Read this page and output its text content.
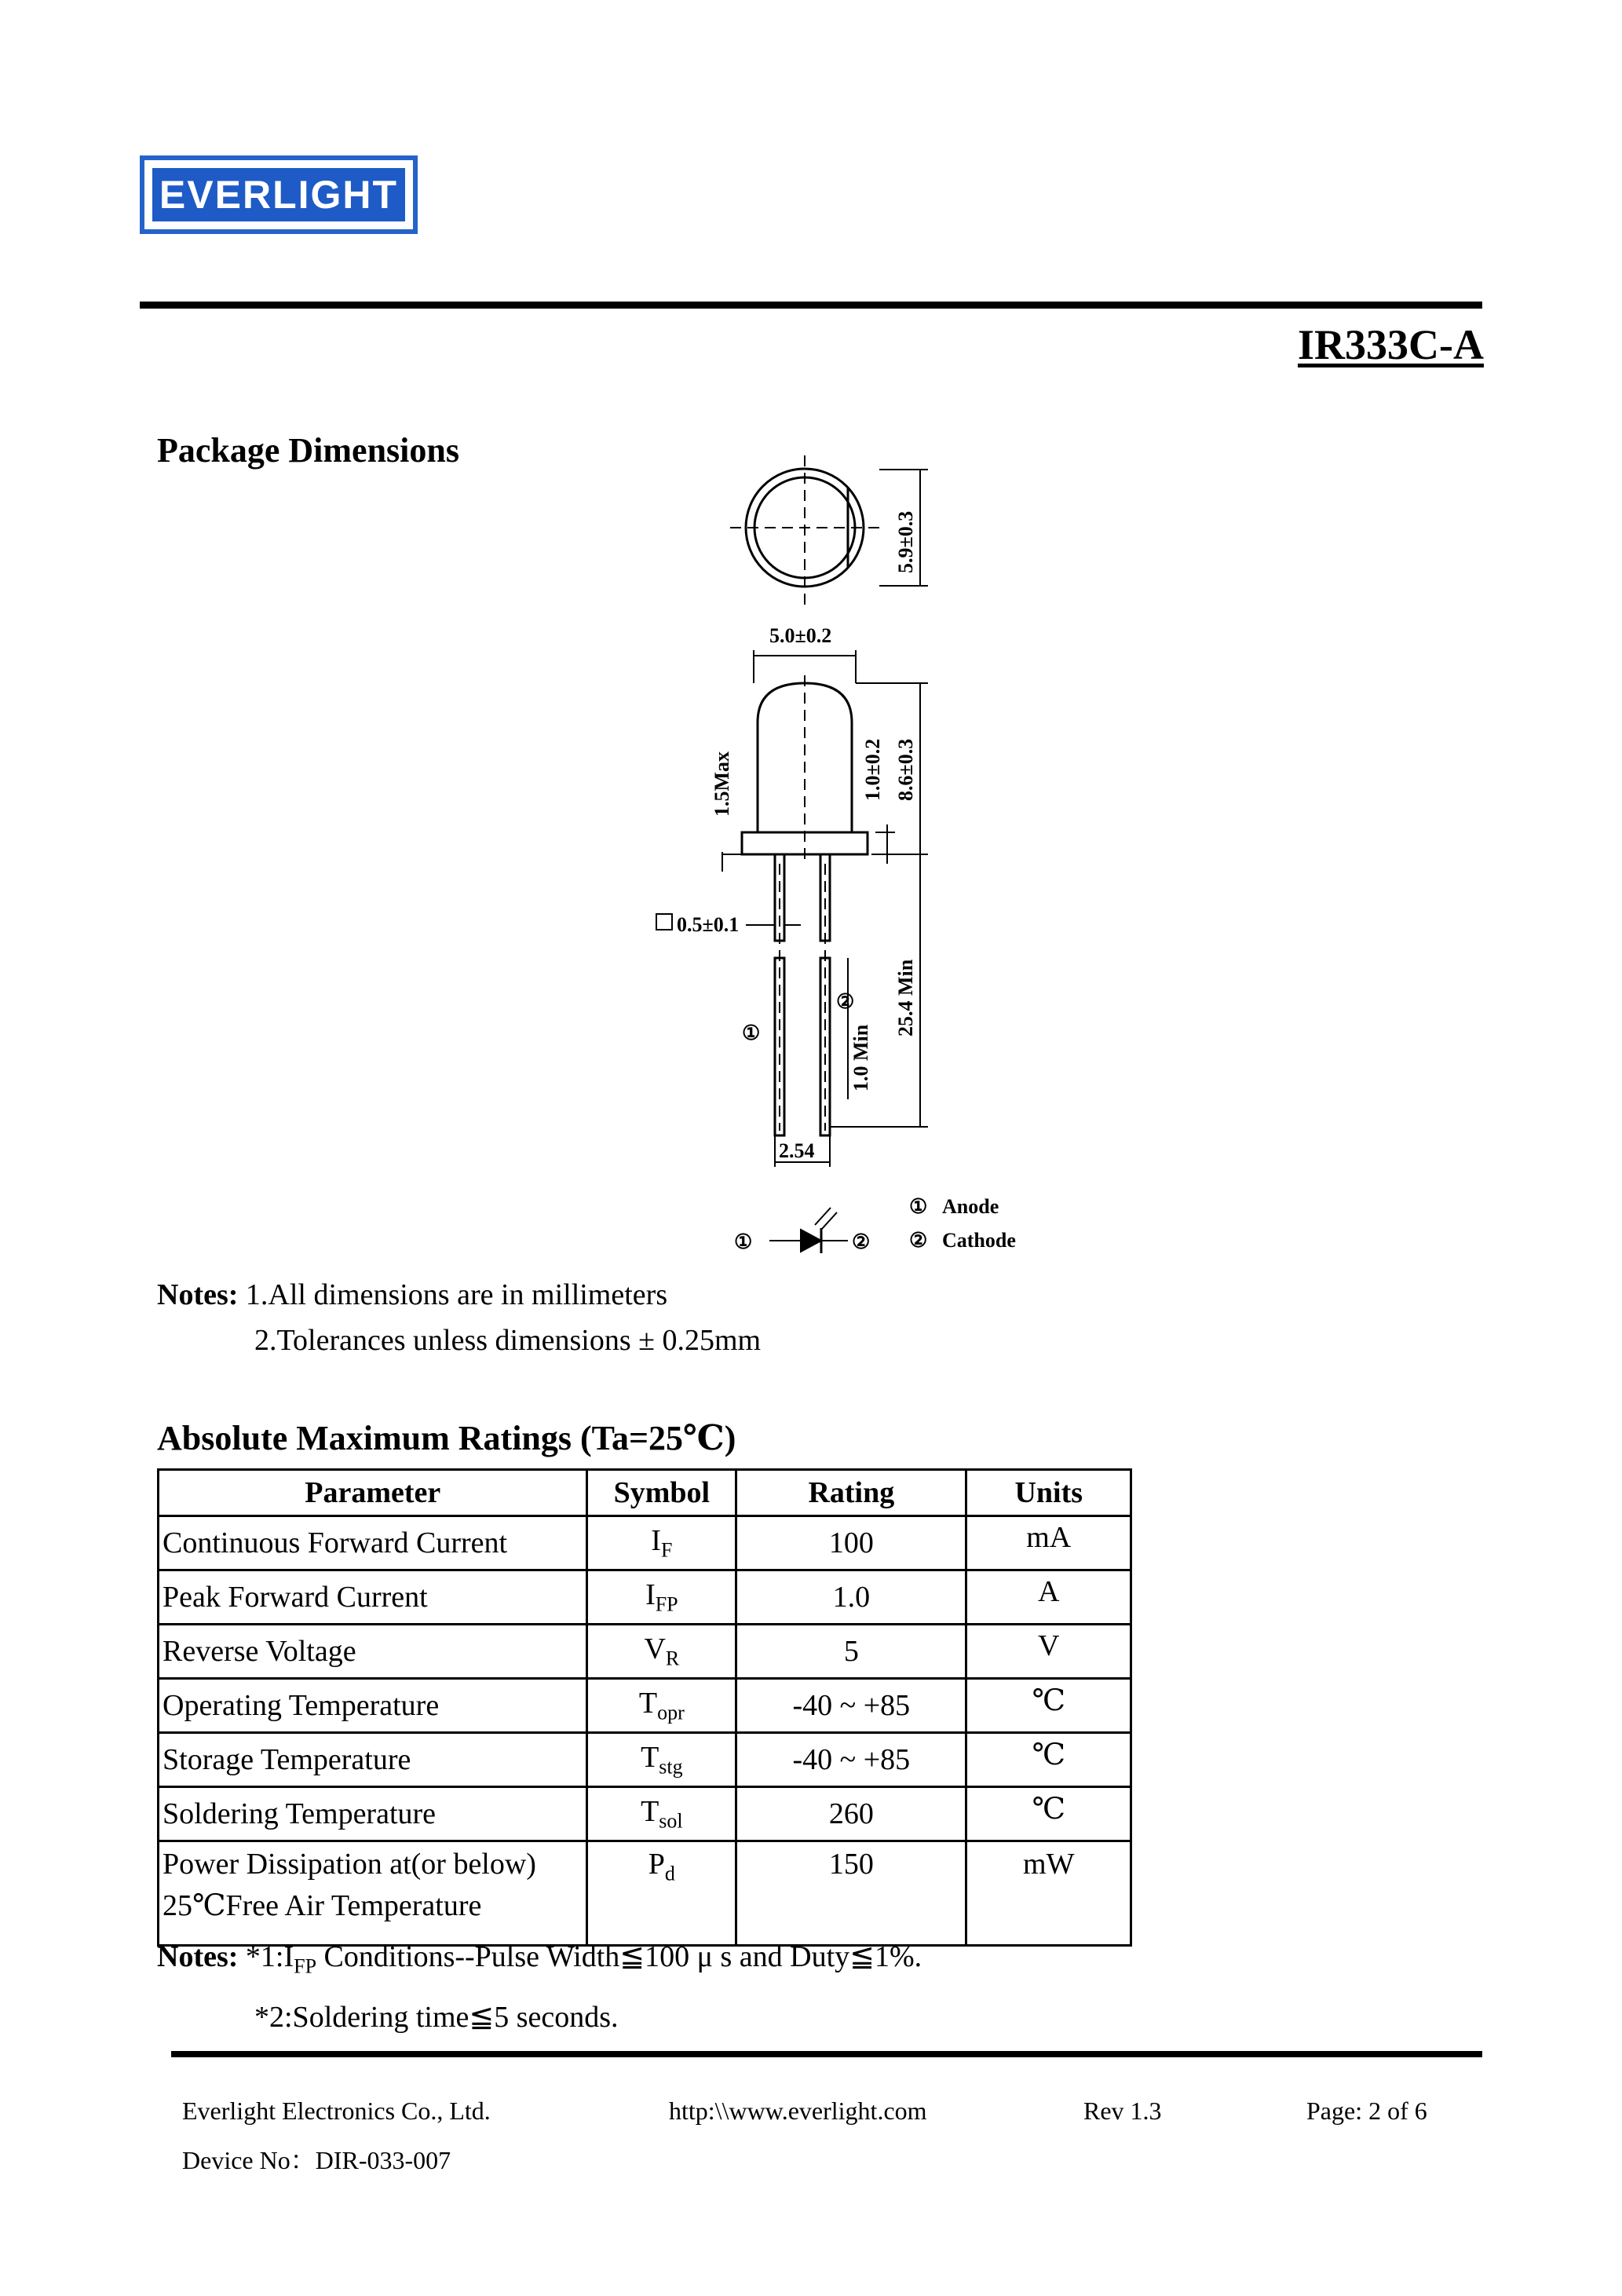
EVERLIGHT
IR333C-A
Package Dimensions
5.9±0.3
5.0±0.2
8.6±0.3
1.0±0.2
1.5Max
0.5±0.1
25.4 Min
1.0 Min
②
①
2.54
①	②
① Anode
② Cathode
Notes: 1.All dimensions are in millimeters
2.Tolerances unless dimensions ± 0.25mm
Absolute Maximum Ratings (Ta=25℃)
Parameter	Symbol	Rating	Units
Continuous Forward Current	$I_F$	100	mA
Peak Forward Current	$I_{FP}$	1.0	A
Reverse Voltage	$V_R$	5	V
Operating Temperature	$T_{opr}$	-40 ~ +85	℃
Storage Temperature	$T_{stg}$	-40 ~ +85	℃
Soldering Temperature	$T_{sol}$	260	℃

Power Dissipation at(or below)
25℃Free Air Temperature	$P_d$	150	mW
Notes: $*1:I_{FP}$ Conditions--Pulse Width≦100 μ s and Duty≦1%.
*2:Soldering time≦5 seconds.
Everlight Electronics Co., Ltd.	http:\\www.everlight.com	Rev 1.3	Page: 2 of 6
Device No：DIR-033-007
